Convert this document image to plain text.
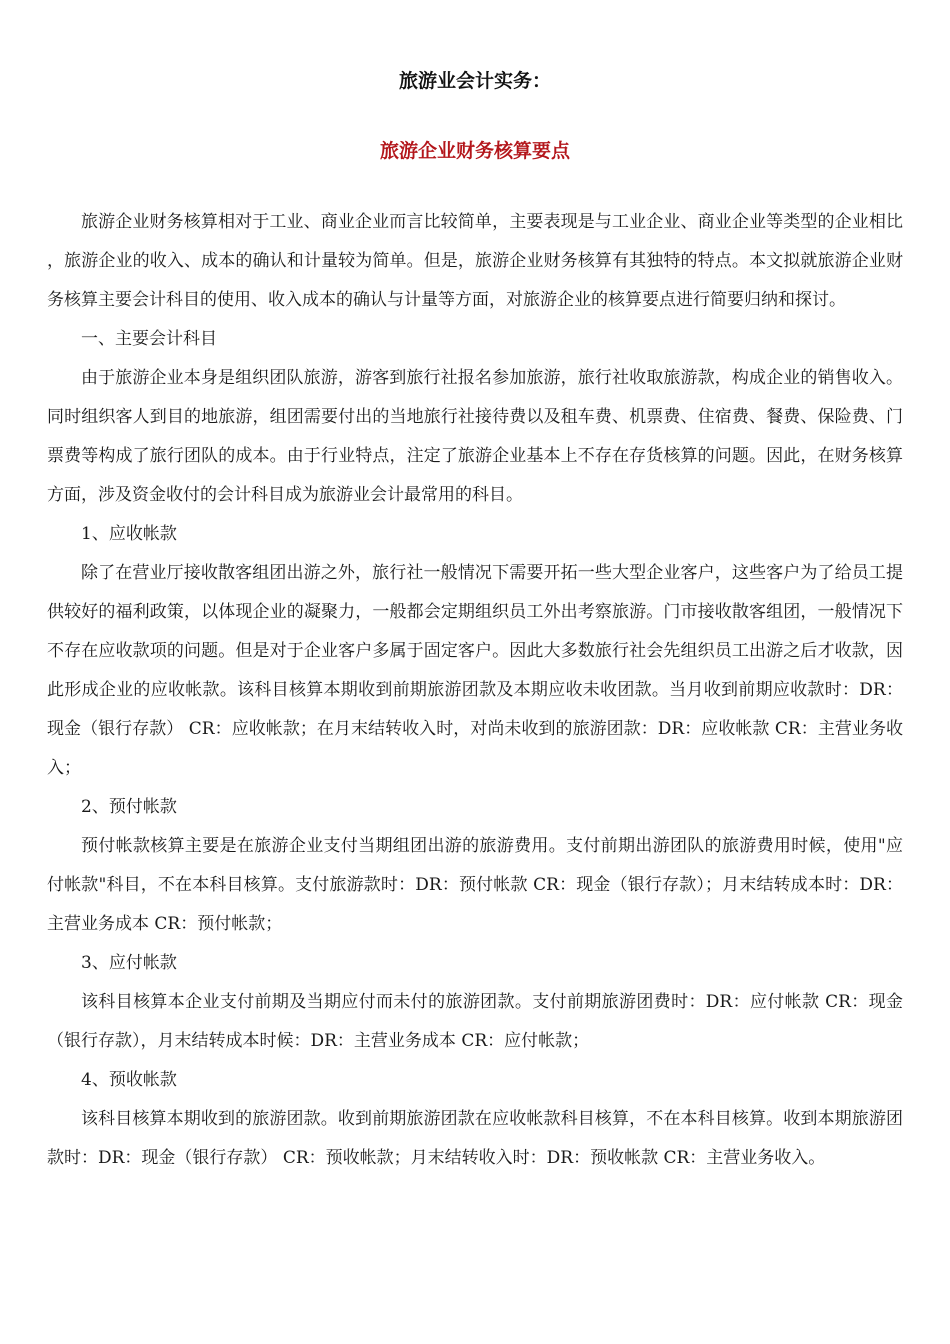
旅游业会计实务：
旅游企业财务核算要点

旅游企业财务核算相对于工业、商业企业而言比较简单，主要表现是与工业企业、商业企业等类型的企业相比，旅游企业的收入、成本的确认和计量较为简单。但是，旅游企业财务核算有其独特的特点。本文拟就旅游企业财务核算主要会计科目的使用、收入成本的确认与计量等方面，对旅游企业的核算要点进行简要归纳和探讨。

一、主要会计科目

由于旅游企业本身是组织团队旅游，游客到旅行社报名参加旅游，旅行社收取旅游款，构成企业的销售收入。同时组织客人到目的地旅游，组团需要付出的当地旅行社接待费以及租车费、机票费、住宿费、餐费、保险费、门票费等构成了旅行团队的成本。由于行业特点，注定了旅游企业基本上不存在存货核算的问题。因此，在财务核算方面，涉及资金收付的会计科目成为旅游业会计最常用的科目。

1、应收帐款

除了在营业厅接收散客组团出游之外，旅行社一般情况下需要开拓一些大型企业客户，这些客户为了给员工提供较好的福利政策，以体现企业的凝聚力，一般都会定期组织员工外出考察旅游。门市接收散客组团，一般情况下不存在应收款项的问题。但是对于企业客户多属于固定客户。因此大多数旅行社会先组织员工出游之后才收款，因此形成企业的应收帐款。该科目核算本期收到前期旅游团款及本期应收未收团款。当月收到前期应收款时：DR：现金（银行存款） CR：应收帐款；在月末结转收入时，对尚未收到的旅游团款：DR：应收帐款 CR：主营业务收入；

2、预付帐款

预付帐款核算主要是在旅游企业支付当期组团出游的旅游费用。支付前期出游团队的旅游费用时候，使用"应付帐款"科目，不在本科目核算。支付旅游款时：DR：预付帐款 CR：现金（银行存款）；月末结转成本时：DR：主营业务成本 CR：预付帐款；

3、应付帐款

该科目核算本企业支付前期及当期应付而未付的旅游团款。支付前期旅游团费时：DR：应付帐款 CR：现金（银行存款），月末结转成本时候：DR：主营业务成本 CR：应付帐款；

4、预收帐款

该科目核算本期收到的旅游团款。收到前期旅游团款在应收帐款科目核算，不在本科目核算。收到本期旅游团款时：DR：现金（银行存款） CR：预收帐款；月末结转收入时：DR：预收帐款 CR：主营业务收入。
